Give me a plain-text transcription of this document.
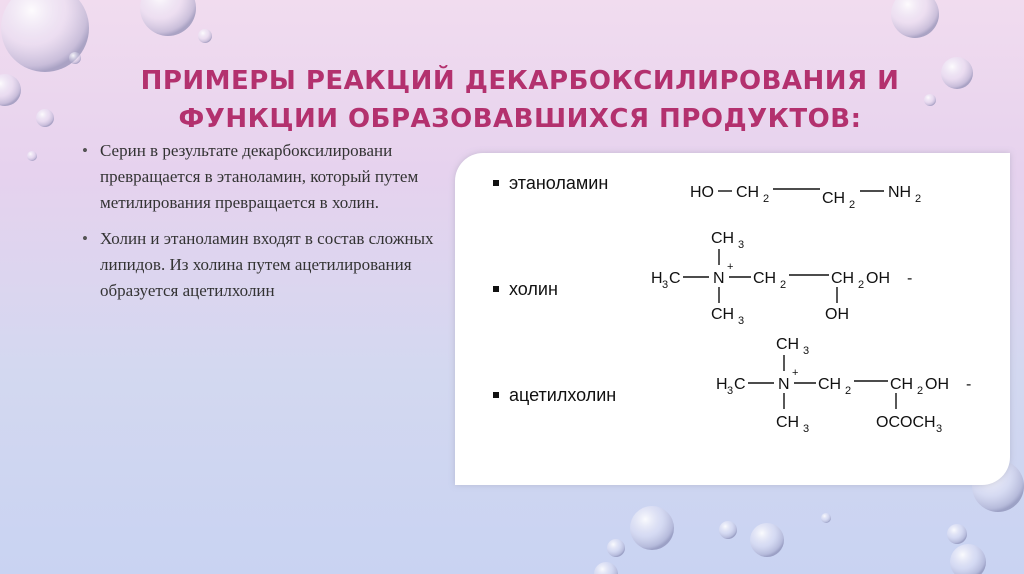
ПРИМЕРЫ РЕАКЦИЙ ДЕКАРБОКСИЛИРОВАНИЯ И
ФУНКЦИИ ОБРАЗОВАВШИХСЯ ПРОДУКТОВ:
• Серин в результате декарбоксилировани превращается в этаноламин, который путем метилирования превращается в холин.
• Холин и этаноламин входят в состав сложных липидов. Из холина путем ацетилирования образуется ацетилхолин
этаноламин	HO CH 2	CH 2
NH 2
холин
CH 3
H 3 C N
+
CH 2	CH 2 OH -
CH 3	OH
ацетилхолин
CH 3
H 3 C N
+
CH 2 CH 2 OH -
CH 3	OCOCH 3
